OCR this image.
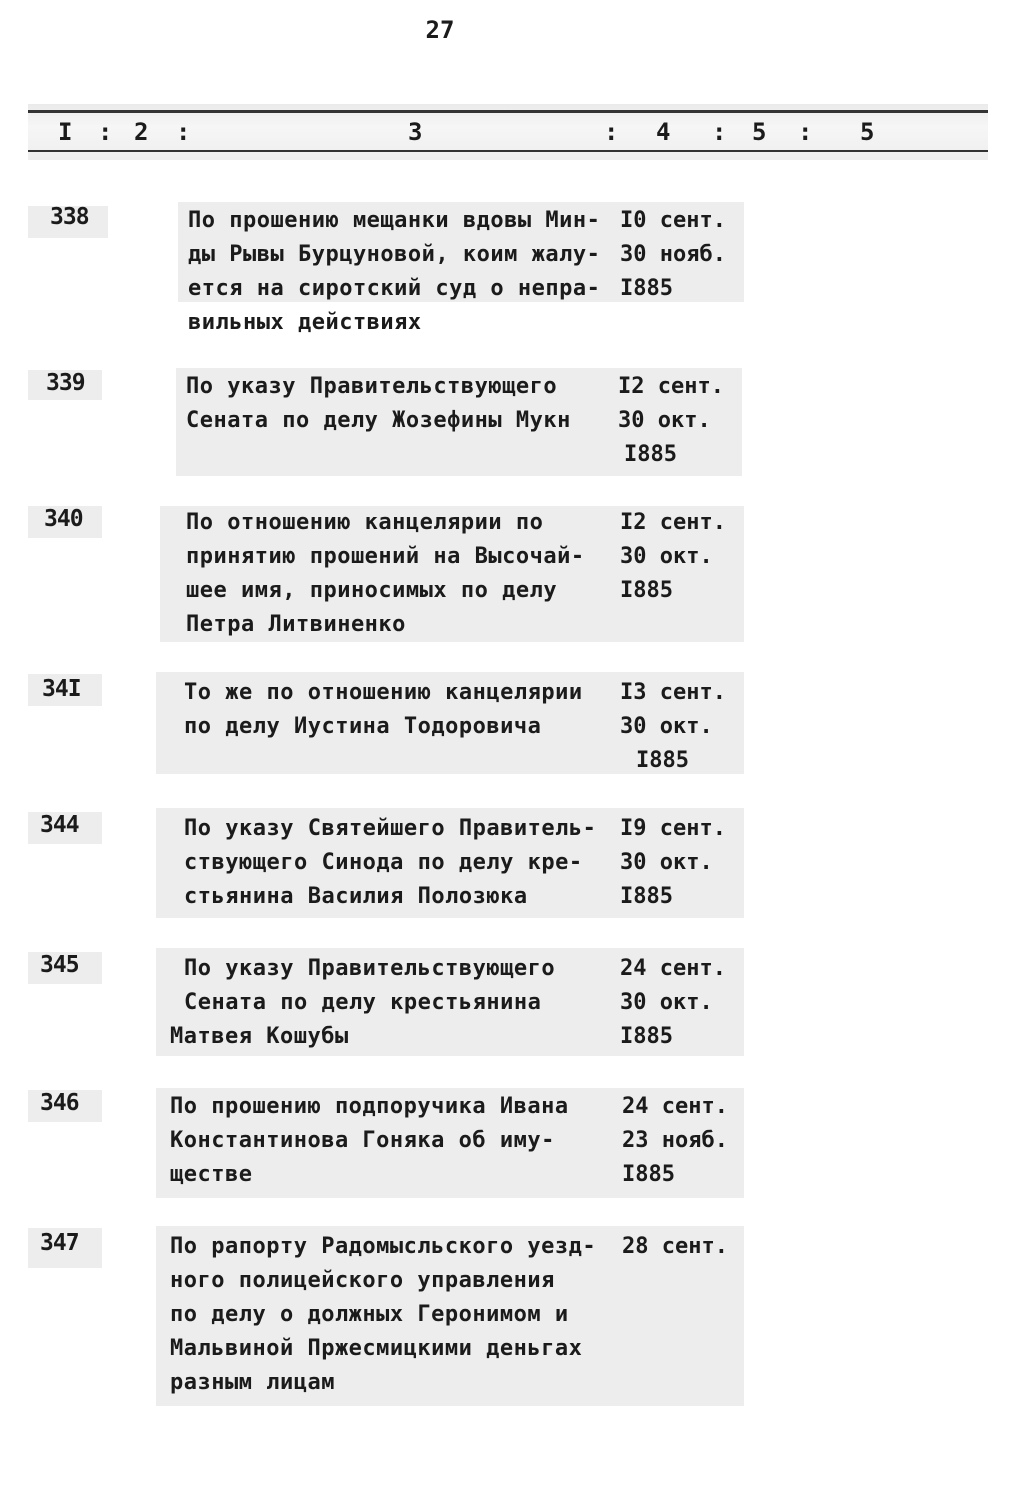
27
I : 2 :	3	: 4 : 5 : 5
338	По прошению мещанки вдовы Мин-
ды Рывы Бурцуновой, коим жалу-
ется на сиротский суд о непра-
вильных действиях
I0 сент.
30 нояб.
I885
339	По указу Правительствующего
Сената по делу Жозефины Мукн
I2 сент.
30 окт.
I885
340	По отношению канцелярии по
принятию прошений на Высочай-
шее имя, приносимых по делу
Петра Литвиненко
I2 сент.
30 окт.
I885
34I	То же по отношению канцелярии
по делу Иустина Тодоровича
I3 сент.
30 окт.
I885
344	По указу Святейшего Правитель-
ствующего Синода по делу кре-
стьянина Василия Полозюка
I9 сент.
30 окт.
I885
345	По указу Правительствующего
Сената по делу крестьянина
Матвея Кошубы
24 сент.
30 окт.
I885
346	По прошению подпоручика Ивана
Константинова Гоняка об иму-
ществе
24 сент.
23 нояб.
I885
347	По рапорту Радомысльского уезд-
ного полицейского управления
по делу о должных Геронимом и
Мальвиной Пржесмицкими деньгах
разным лицам
28 сент.
